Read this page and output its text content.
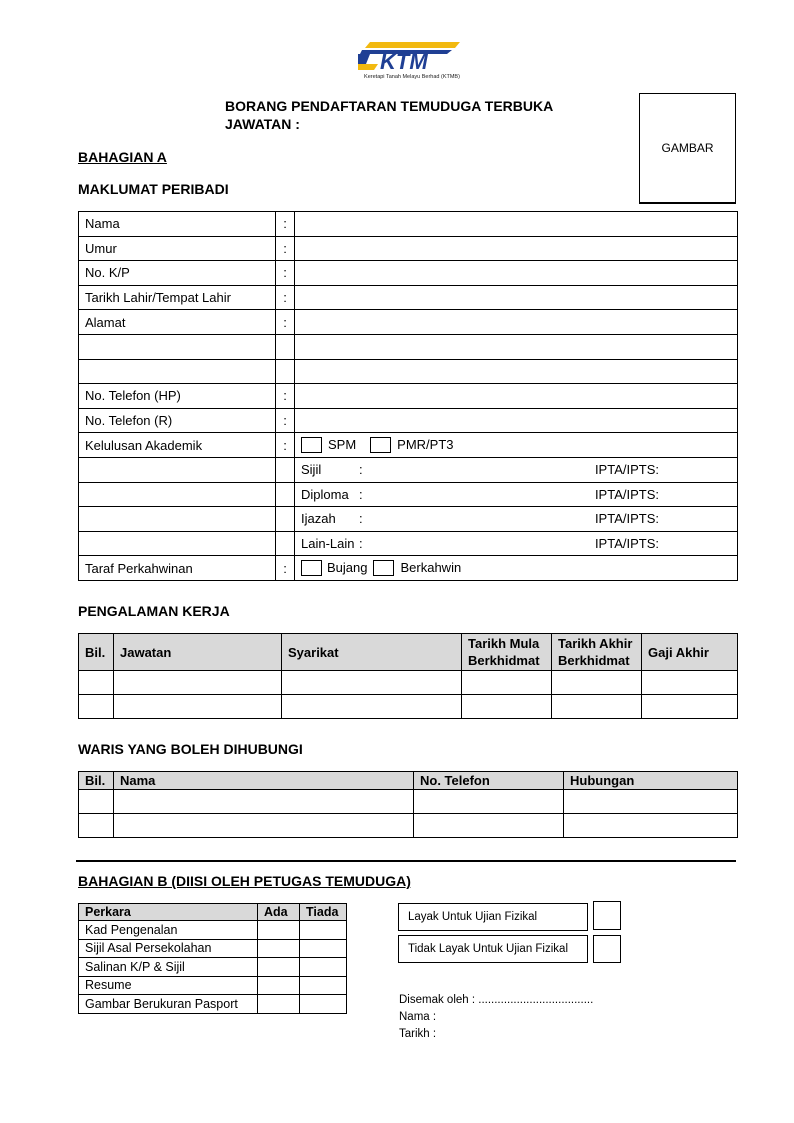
KTM
Keretapi Tanah Melayu Berhad (KTMB)
BORANG PENDAFTARAN TEMUDUGA TERBUKA
JAWATAN :
GAMBAR
BAHAGIAN A
MAKLUMAT PERIBADI
Nama	:	
Umur	:	
No. K/P	:	
Tarikh Lahir/Tempat Lahir	:	
Alamat	:	

No. Telefon (HP)	:	
No. Telefon (R)	:	
Kelulusan Akademik	:	SPM PMR/PT3

		Sijil : IPTA/IPTS:

		Diploma : IPTA/IPTS:

		Ijazah : IPTA/IPTS:

		Lain-Lain : IPTA/IPTS:

Taraf Perkahwinan	:	Bujang Berkahwin
PENGALAMAN KERJA
Bil.	Jawatan	Syarikat	Tarikh Mula Berkhidmat	Tarikh Akhir Berkhidmat	Gaji Akhir

WARIS YANG BOLEH DIHUBUNGI
Bil.	Nama	No. Telefon	Hubungan

BAHAGIAN B (DIISI OLEH PETUGAS TEMUDUGA)
Perkara	Ada	Tiada
Kad Pengenalan		
Sijil Asal Persekolahan		
Salinan K/P & Sijil		
Resume		
Gambar Berukuran Pasport		
Layak Untuk Ujian Fizikal
Tidak Layak Untuk Ujian Fizikal
Disemak oleh : ....................................
Nama :
Tarikh :
